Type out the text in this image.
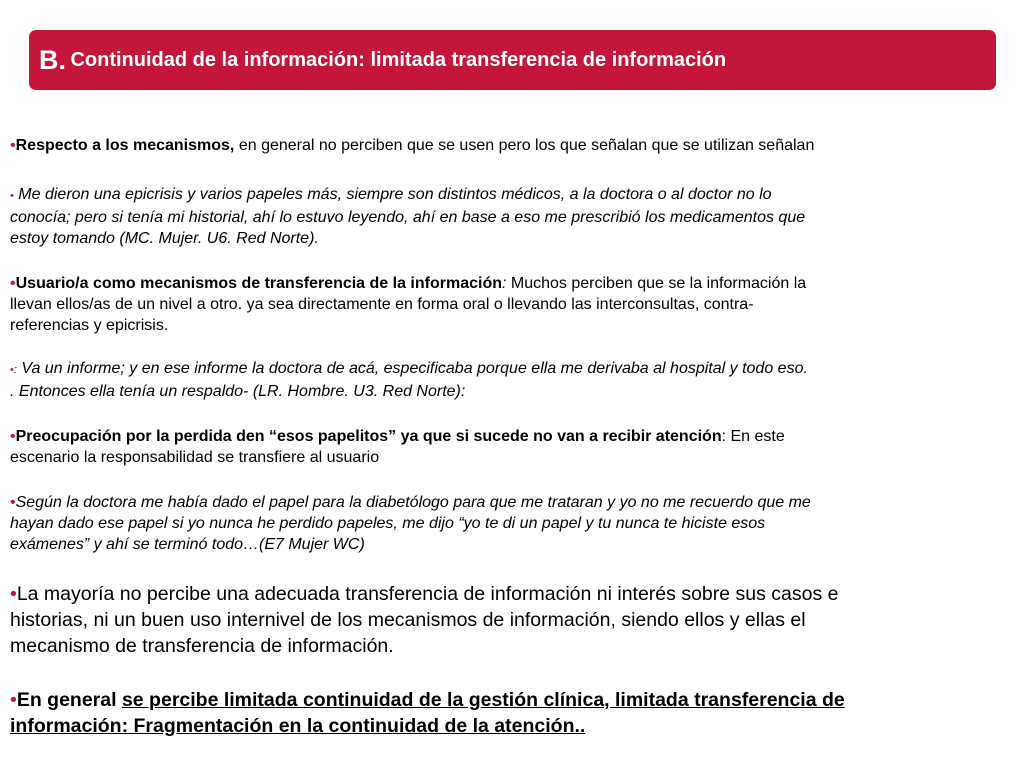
B.
Continuidad de la información: limitada transferencia de información

•Respecto a los mecanismos, en general no perciben que se usen pero los que señalan que se utilizan señalan

• Me dieron una epicrisis y varios papeles más, siempre son distintos médicos, a la doctora o al doctor no lo

conocía; pero si tenía mi historial, ahí lo estuvo leyendo, ahí en base a eso me prescribió los medicamentos que

estoy tomando (MC. Mujer. U6. Red Norte).

•Usuario/a como mecanismos de transferencia de la información: Muchos perciben que se la información la

llevan ellos/as de un nivel a otro. ya sea directamente en forma oral o llevando las interconsultas, contra-

referencias y epicrisis.

•: Va un informe; y en ese informe la doctora de acá, especificaba porque ella me derivaba al hospital y todo eso.

. Entonces ella tenía un respaldo- (LR. Hombre. U3. Red Norte):

•Preocupación por la perdida den “esos papelitos” ya que si sucede no van a recibir atención: En este

escenario la responsabilidad se transfiere al usuario

•Según la doctora me había dado el papel para la diabetólogo para que me trataran y yo no me recuerdo que me

hayan dado ese papel si yo nunca he perdido papeles, me dijo “yo te di un papel y tu nunca te hiciste esos

exámenes” y ahí se terminó todo…(E7 Mujer WC)

•La mayoría no percibe una adecuada transferencia de información ni interés sobre sus casos e

historias, ni un buen uso internivel de los mecanismos de información, siendo ellos y ellas el

mecanismo de transferencia de información.

•En general se percibe limitada continuidad de la gestión clínica, limitada transferencia de

información: Fragmentación en la continuidad de la atención..
